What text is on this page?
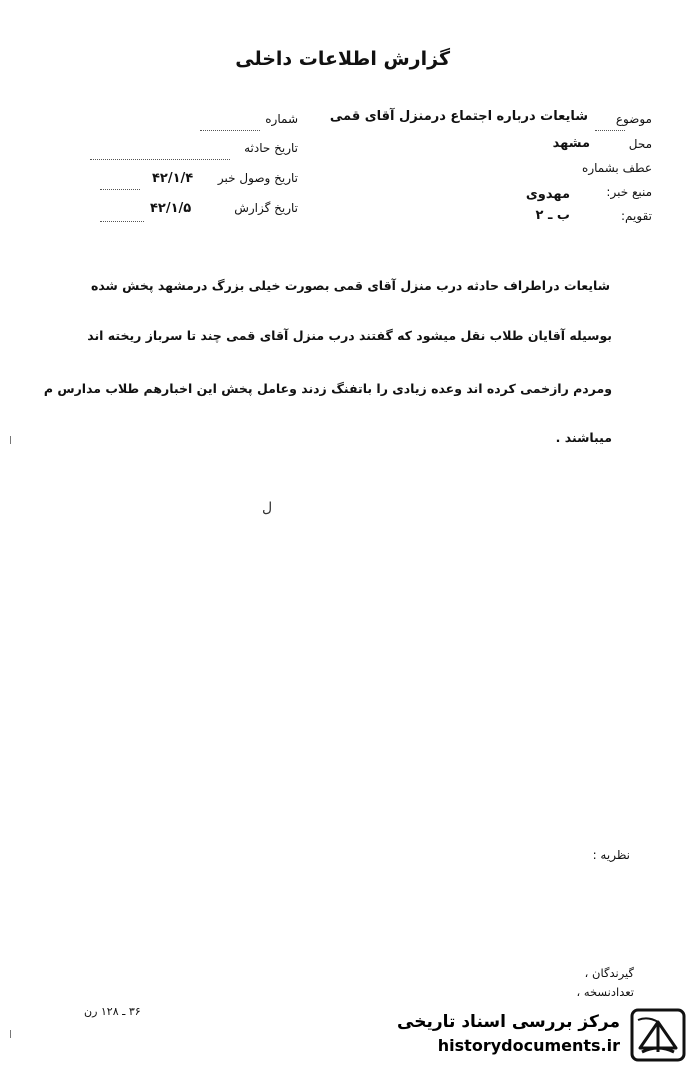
گزارش اطلاعات داخلی
موضوع
شایعات درباره اجتماع درمنزل آقای قمی
محل
مشهد
عطف بشماره
منبع خبر:
مهدوی
تقویم:
ب ـ ۲
شماره
تاریخ حادثه
تاریخ وصول خبر
۴۲/۱/۴
تاریخ گزارش
۴۲/۱/۵
شایعات دراطراف حادثه درب منزل آقای قمی بصورت خیلی بزرگ درمشهد پخش شده
بوسیله آقایان طلاب نقل میشود که گفتند درب منزل آقای قمی چند تا سرباز ریخته اند
ومردم رازخمی کرده اند وعده زیادی را باتفنگ زدند وعامل پخش این اخبارهم طلاب مدارس م
میباشند .
ل
نظریه :
گیرندگان ،
تعدادنسخه ،
۳۶ ـ ۱۲۸ رن
مرکز بررسی اسناد تاریخی
historydocuments.ir
